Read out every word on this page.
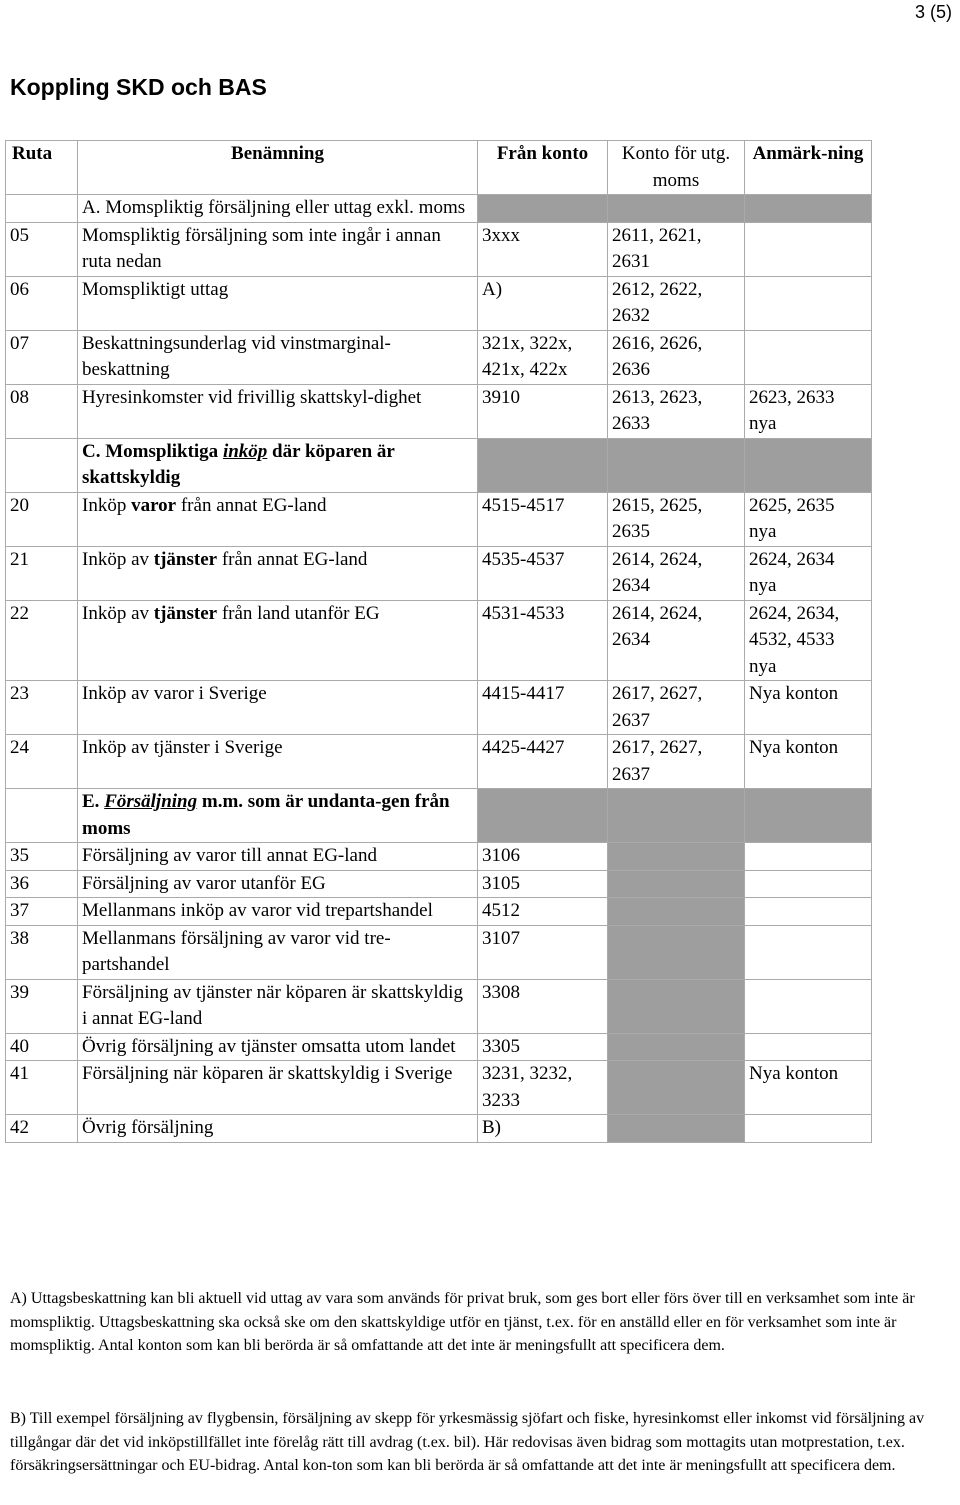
3 (5)
Koppling SKD och BAS
Ruta	Benämning	Från konto	Konto för utg. moms	Anmärk-ning
	A. Momspliktig försäljning eller uttag exkl. moms			
05	Momspliktig försäljning som inte ingår i annan ruta nedan	3xxx	2611, 2621, 2631	
06	Momspliktigt uttag	A)	2612, 2622, 2632	
07	Beskattningsunderlag vid vinstmarginal-beskattning	321x, 322x, 421x, 422x	2616, 2626, 2636	
08	Hyresinkomster vid frivillig skattskyl-dighet	3910	2613, 2623, 2633	2623, 2633 nya
	C. Momspliktiga inköp där köparen är skattskyldig			
20	Inköp varor från annat EG-land	4515-4517	2615, 2625, 2635	2625, 2635 nya
21	Inköp av tjänster från annat EG-land	4535-4537	2614, 2624, 2634	2624, 2634 nya
22	Inköp av tjänster från land utanför EG	4531-4533	2614, 2624, 2634	2624, 2634, 4532, 4533 nya
23	Inköp av varor i Sverige	4415-4417	2617, 2627, 2637	Nya konton
24	Inköp av tjänster i Sverige	4425-4427	2617, 2627, 2637	Nya konton
	E. Försäljning m.m. som är undanta-gen från moms			
35	Försäljning av varor till annat EG-land	3106		
36	Försäljning av varor utanför EG	3105		
37	Mellanmans inköp av varor vid trepartshandel	4512		
38	Mellanmans försäljning av varor vid tre-partshandel	3107		
39	Försäljning av tjänster när köparen är skattskyldig i annat EG-land	3308		
40	Övrig försäljning av tjänster omsatta utom landet	3305		
41	Försäljning när köparen är skattskyldig i Sverige	3231, 3232, 3233		Nya konton
42	Övrig försäljning	B)		
A) Uttagsbeskattning kan bli aktuell vid uttag av vara som används för privat bruk, som ges bort eller förs över till en verksamhet som inte är momspliktig. Uttagsbeskattning ska också ske om den skattskyldige utför en tjänst, t.ex. för en anställd eller en för verksamhet som inte är momspliktig. Antal konton som kan bli berörda är så omfattande att det inte är meningsfullt att specificera dem.
B) Till exempel försäljning av flygbensin, försäljning av skepp för yrkesmässig sjöfart och fiske, hyresinkomst eller inkomst vid försäljning av tillgångar där det vid inköpstillfället inte förelåg rätt till avdrag (t.ex. bil). Här redovisas även bidrag som mottagits utan motprestation, t.ex. försäkringsersättningar och EU-bidrag. Antal kon-ton som kan bli berörda är så omfattande att det inte är meningsfullt att specificera dem.
